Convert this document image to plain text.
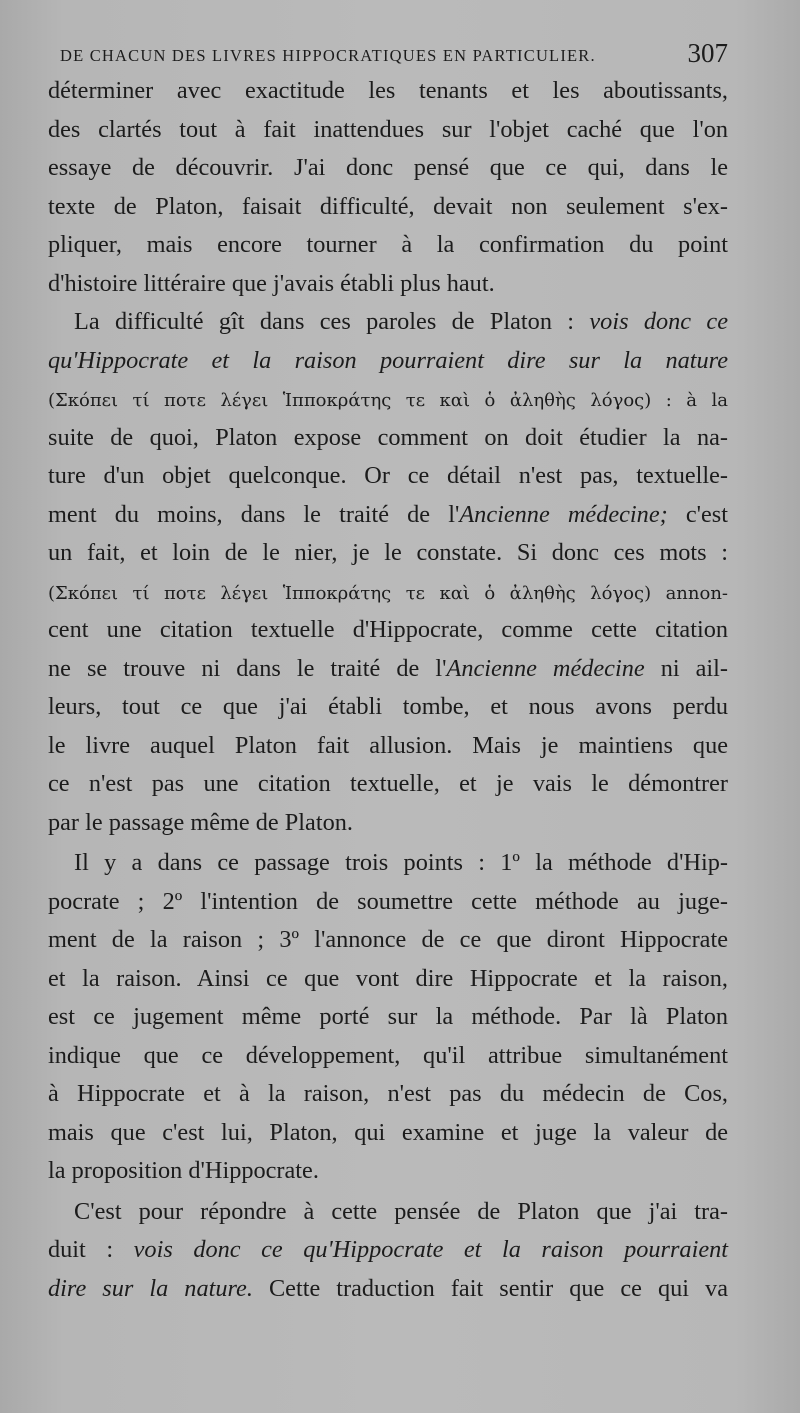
DE CHACUN DES LIVRES HIPPOCRATIQUES EN PARTICULIER.	307
déterminer avec exactitude les tenants et les aboutissants,
des clartés tout à fait inattendues sur l'objet caché que l'on
essaye de découvrir. J'ai donc pensé que ce qui, dans le
texte de Platon, faisait difficulté, devait non seulement s'ex-
pliquer, mais encore tourner à la confirmation du point
d'histoire littéraire que j'avais établi plus haut.
La difficulté gît dans ces paroles de Platon : vois donc ce
qu'Hippocrate et la raison pourraient dire sur la nature
(Σκόπει τί ποτε λέγει Ἱπποκράτης τε καὶ ὁ ἀληθὴς λόγος) : à la
suite de quoi, Platon expose comment on doit étudier la na-
ture d'un objet quelconque. Or ce détail n'est pas, textuelle-
ment du moins, dans le traité de l'Ancienne médecine; c'est
un fait, et loin de le nier, je le constate. Si donc ces mots :
(Σκόπει τί ποτε λέγει Ἱπποκράτης τε καὶ ὁ ἀληθὴς λόγος) annon-
cent une citation textuelle d'Hippocrate, comme cette citation
ne se trouve ni dans le traité de l'Ancienne médecine ni ail-
leurs, tout ce que j'ai établi tombe, et nous avons perdu
le livre auquel Platon fait allusion. Mais je maintiens que
ce n'est pas une citation textuelle, et je vais le démontrer
par le passage même de Platon.
Il y a dans ce passage trois points : 1º la méthode d'Hip-
pocrate ; 2º l'intention de soumettre cette méthode au juge-
ment de la raison ; 3º l'annonce de ce que diront Hippocrate
et la raison. Ainsi ce que vont dire Hippocrate et la raison,
est ce jugement même porté sur la méthode. Par là Platon
indique que ce développement, qu'il attribue simultanément
à Hippocrate et à la raison, n'est pas du médecin de Cos,
mais que c'est lui, Platon, qui examine et juge la valeur de
la proposition d'Hippocrate.
C'est pour répondre à cette pensée de Platon que j'ai tra-
duit : vois donc ce qu'Hippocrate et la raison pourraient
dire sur la nature. Cette traduction fait sentir que ce qui va
